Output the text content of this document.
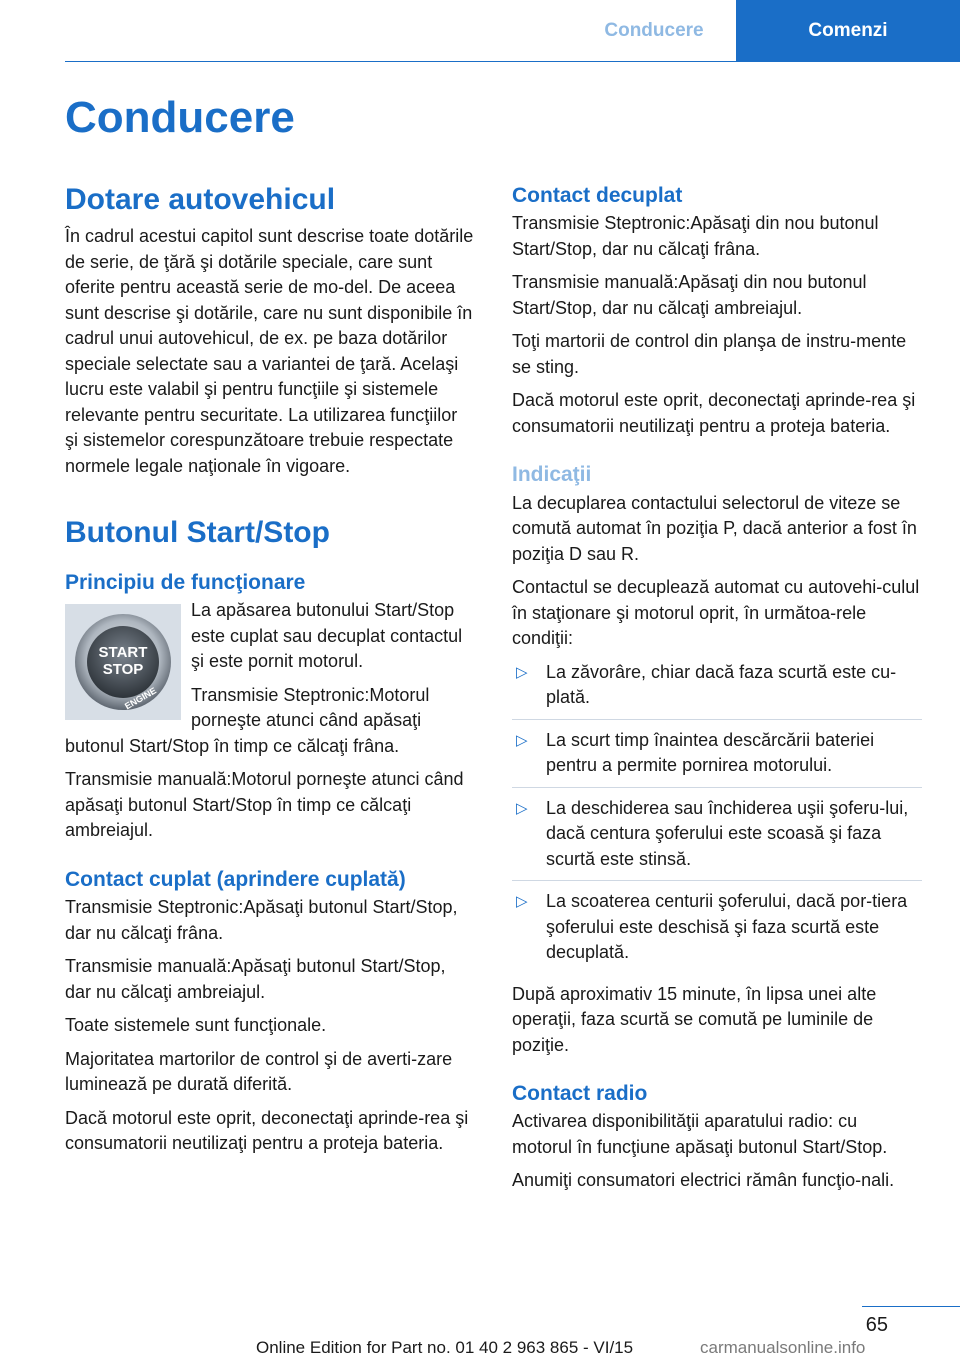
Conducere	Comenzi
Conducere
Dotare autovehicul

În cadrul acestui capitol sunt descrise toate dotările de serie, de ţără şi dotările speciale, care sunt oferite pentru această serie de mo‐del. De aceea sunt descrise şi dotările, care nu sunt disponibile în cadrul unui autovehicul, de ex. pe baza dotărilor speciale selectate sau a variantei de ţară. Acelaşi lucru este valabil şi pentru funcţiile şi sistemele relevante pentru securitate. La utilizarea funcţiilor şi sistemelor corespunzătoare trebuie respectate normele legale naţionale în vigoare.

Butonul Start/Stop
Principiu de funcţionare
START
STOP
ENGINE

La apăsarea butonului Start/Stop este cuplat sau decuplat contactul şi este pornit motorul.

Transmisie Steptronic:Motorul porneşte atunci când apăsaţi butonul Start/Stop în timp ce călcaţi frâna.

Transmisie manuală:Motorul porneşte atunci când apăsaţi butonul Start/Stop în timp ce călcaţi ambreiajul.

Contact cuplat (aprindere cuplată)

Transmisie Steptronic:Apăsaţi butonul Start/Stop, dar nu călcaţi frâna.

Transmisie manuală:Apăsaţi butonul Start/Stop, dar nu călcaţi ambreiajul.

Toate sistemele sunt funcţionale.

Majoritatea martorilor de control şi de averti‐zare luminează pe durată diferită.

Dacă motorul este oprit, deconectaţi aprinde‐rea şi consumatorii neutilizaţi pentru a proteja bateria.

Contact decuplat

Transmisie Steptronic:Apăsaţi din nou butonul Start/Stop, dar nu călcaţi frâna.

Transmisie manuală:Apăsaţi din nou butonul Start/Stop, dar nu călcaţi ambreiajul.

Toţi martorii de control din planşa de instru‐mente se sting.

Dacă motorul este oprit, deconectaţi aprinde‐rea şi consumatorii neutilizaţi pentru a proteja bateria.

Indicaţii

La decuplarea contactului selectorul de viteze se comută automat în poziţia P, dacă anterior a fost în poziţia D sau R.

Contactul se decuplează automat cu autovehi‐culul în staţionare şi motorul oprit, în următoa‐rele condiţii:

▷ La zăvorâre, chiar dacă faza scurtă este cu‐plată.
▷ La scurt timp înaintea descărcării bateriei pentru a permite pornirea motorului.
▷ La deschiderea sau închiderea uşii şoferu‐lui, dacă centura şoferului este scoasă şi faza scurtă este stinsă.
▷ La scoaterea centurii şoferului, dacă por‐tiera şoferului este deschisă şi faza scurtă este decuplată.

După aproximativ 15 minute, în lipsa unei alte operaţii, faza scurtă se comută pe luminile de poziţie.

Contact radio

Activarea disponibilităţii aparatului radio: cu motorul în funcţiune apăsaţi butonul Start/Stop.

Anumiţi consumatori electrici rămân funcţio‐nali.

65
Online Edition for Part no. 01 40 2 963 865 - VI/15	carmanualsonline.info
